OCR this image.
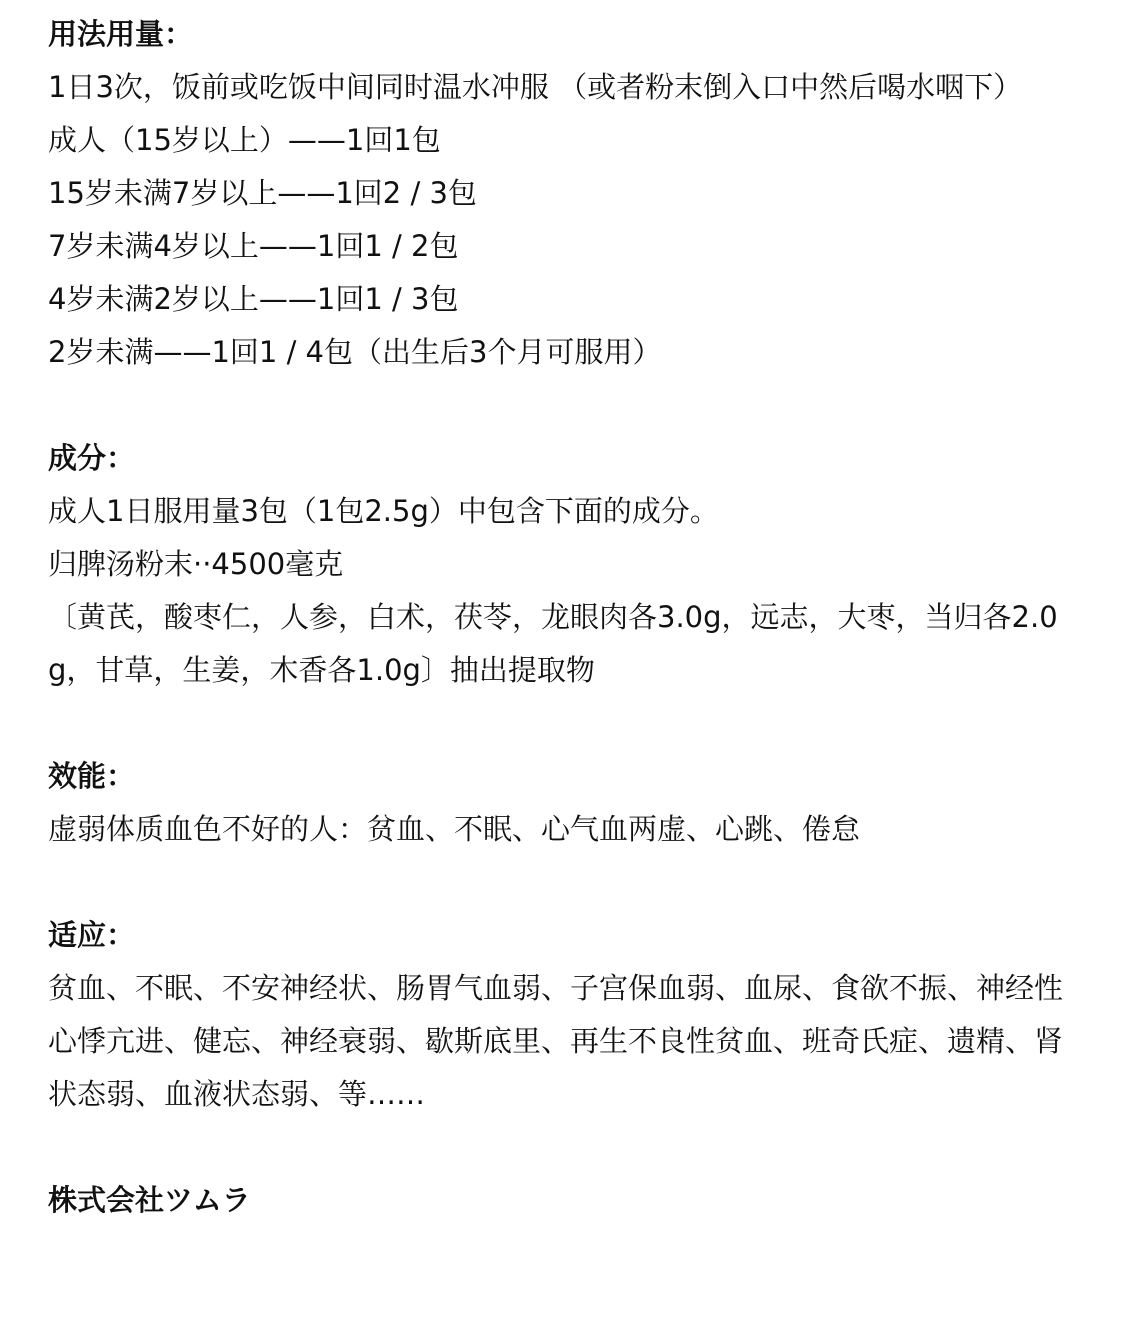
用法用量：

1日3次，饭前或吃饭中间同时温水冲服 （或者粉末倒入口中然后喝水咽下）

成人（15岁以上）——1回1包

15岁未满7岁以上——1回2 / 3包

7岁未满4岁以上——1回1 / 2包

4岁未满2岁以上——1回1 / 3包

2岁未满——1回1 / 4包（出生后3个月可服用）

成分：

成人1日服用量3包（1包2.5g）中包含下面的成分。

归脾汤粉末··4500毫克

〔黄芪，酸枣仁，人参，白术，茯苓，龙眼肉各3.0g，远志，大枣，当归各2.0g，甘草，生姜，木香各1.0g〕抽出提取物

效能：

虚弱体质血色不好的人：贫血、不眠、心气血两虚、心跳、倦怠

适应：

贫血、不眠、不安神经状、肠胃气血弱、子宫保血弱、血尿、食欲不振、神经性心悸亢进、健忘、神经衰弱、歇斯底里、再生不良性贫血、班奇氏症、遗精、肾状态弱、血液状态弱、等……

株式会社ツムラ
